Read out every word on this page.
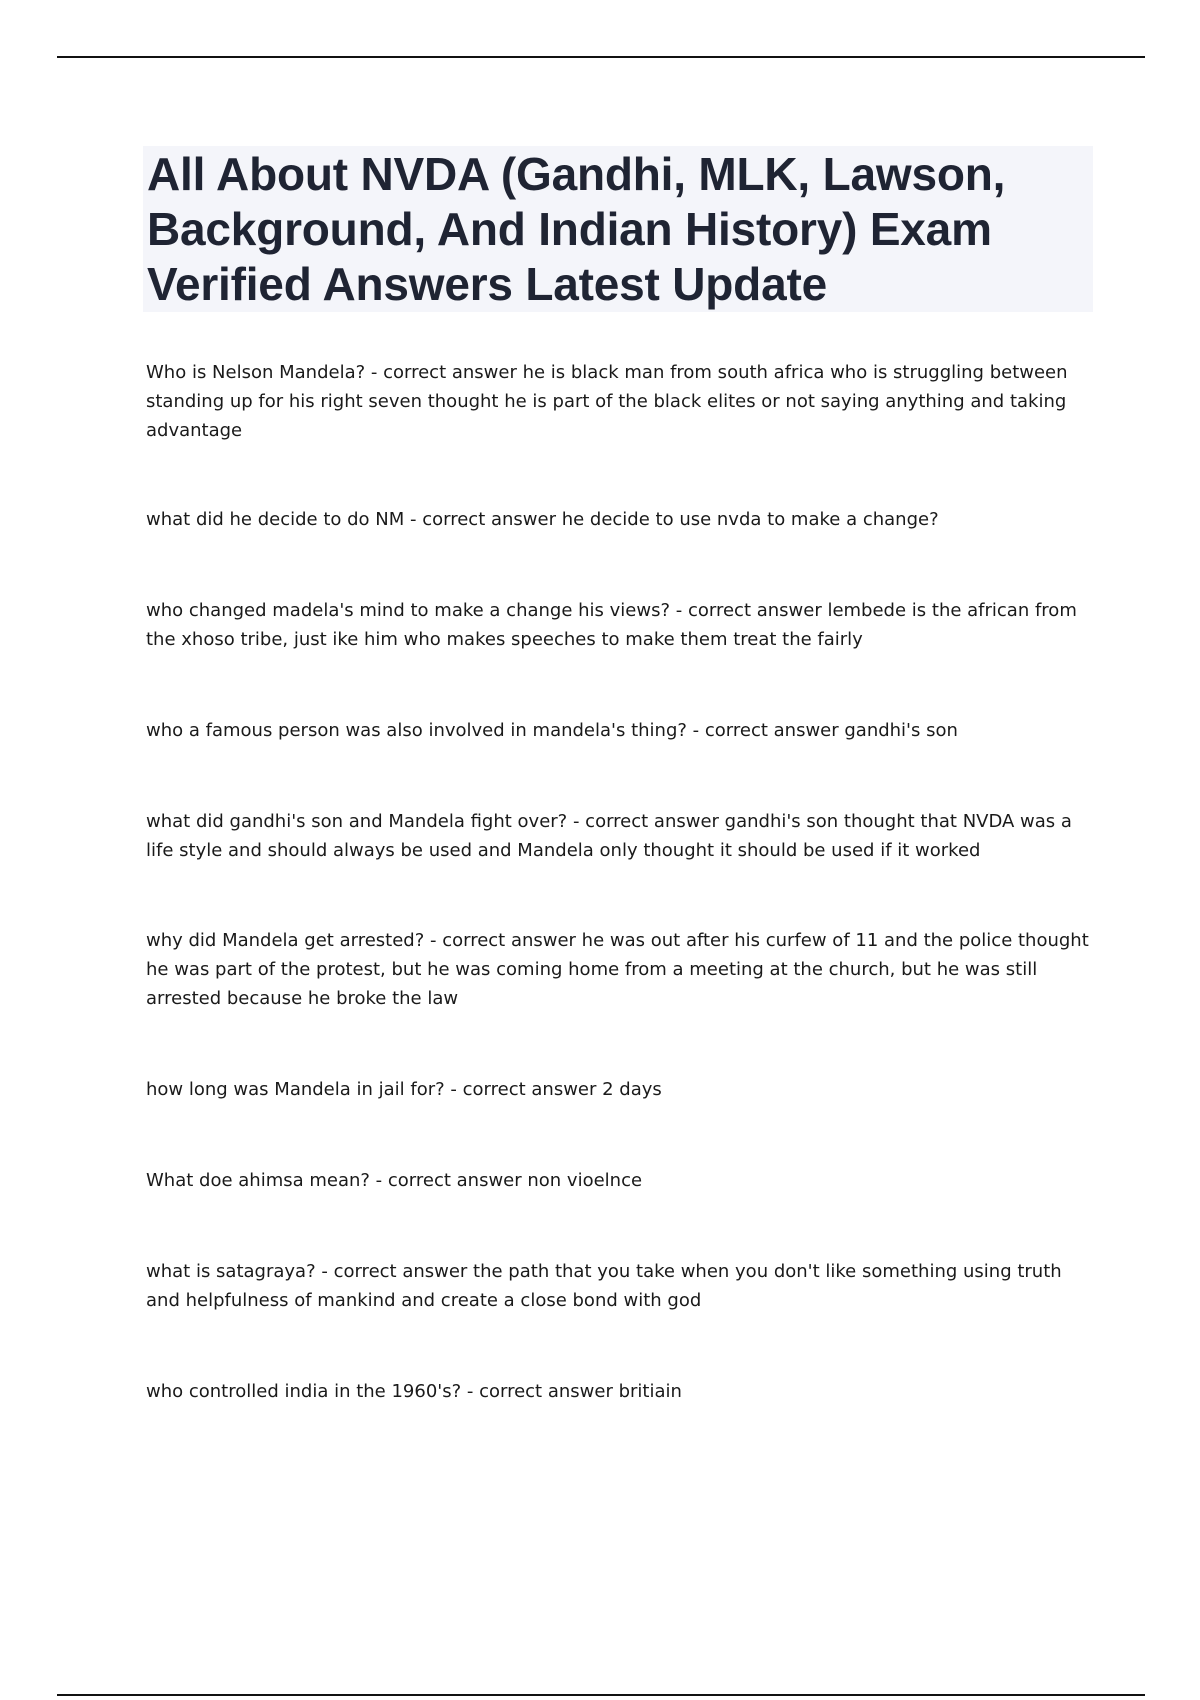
All About NVDA (Gandhi, MLK, Lawson, Background, And Indian History) Exam Verified Answers Latest Update

Who is Nelson Mandela? - correct answer he is black man from south africa who is struggling between standing up for his right seven thought he is part of the black elites or not saying anything and taking advantage

what did he decide to do NM - correct answer he decide to use nvda to make a change?

who changed madela's mind to make a change his views? - correct answer lembede is the african from the xhoso tribe, just ike him who makes speeches to make them treat the fairly

who a famous person was also involved in mandela's thing? - correct answer gandhi's son

what did gandhi's son and Mandela fight over? - correct answer gandhi's son thought that NVDA was a life style and should always be used and Mandela only thought it should be used if it worked

why did Mandela get arrested? - correct answer he was out after his curfew of 11 and the police thought he was part of the protest, but he was coming home from a meeting at the church, but he was still arrested because he broke the law

how long was Mandela in jail for? - correct answer 2 days

What doe ahimsa mean? - correct answer non vioelnce

what is satagraya? - correct answer the path that you take when you don't like something using truth and helpfulness of mankind and create a close bond with god

who controlled india in the 1960's? - correct answer britiain
